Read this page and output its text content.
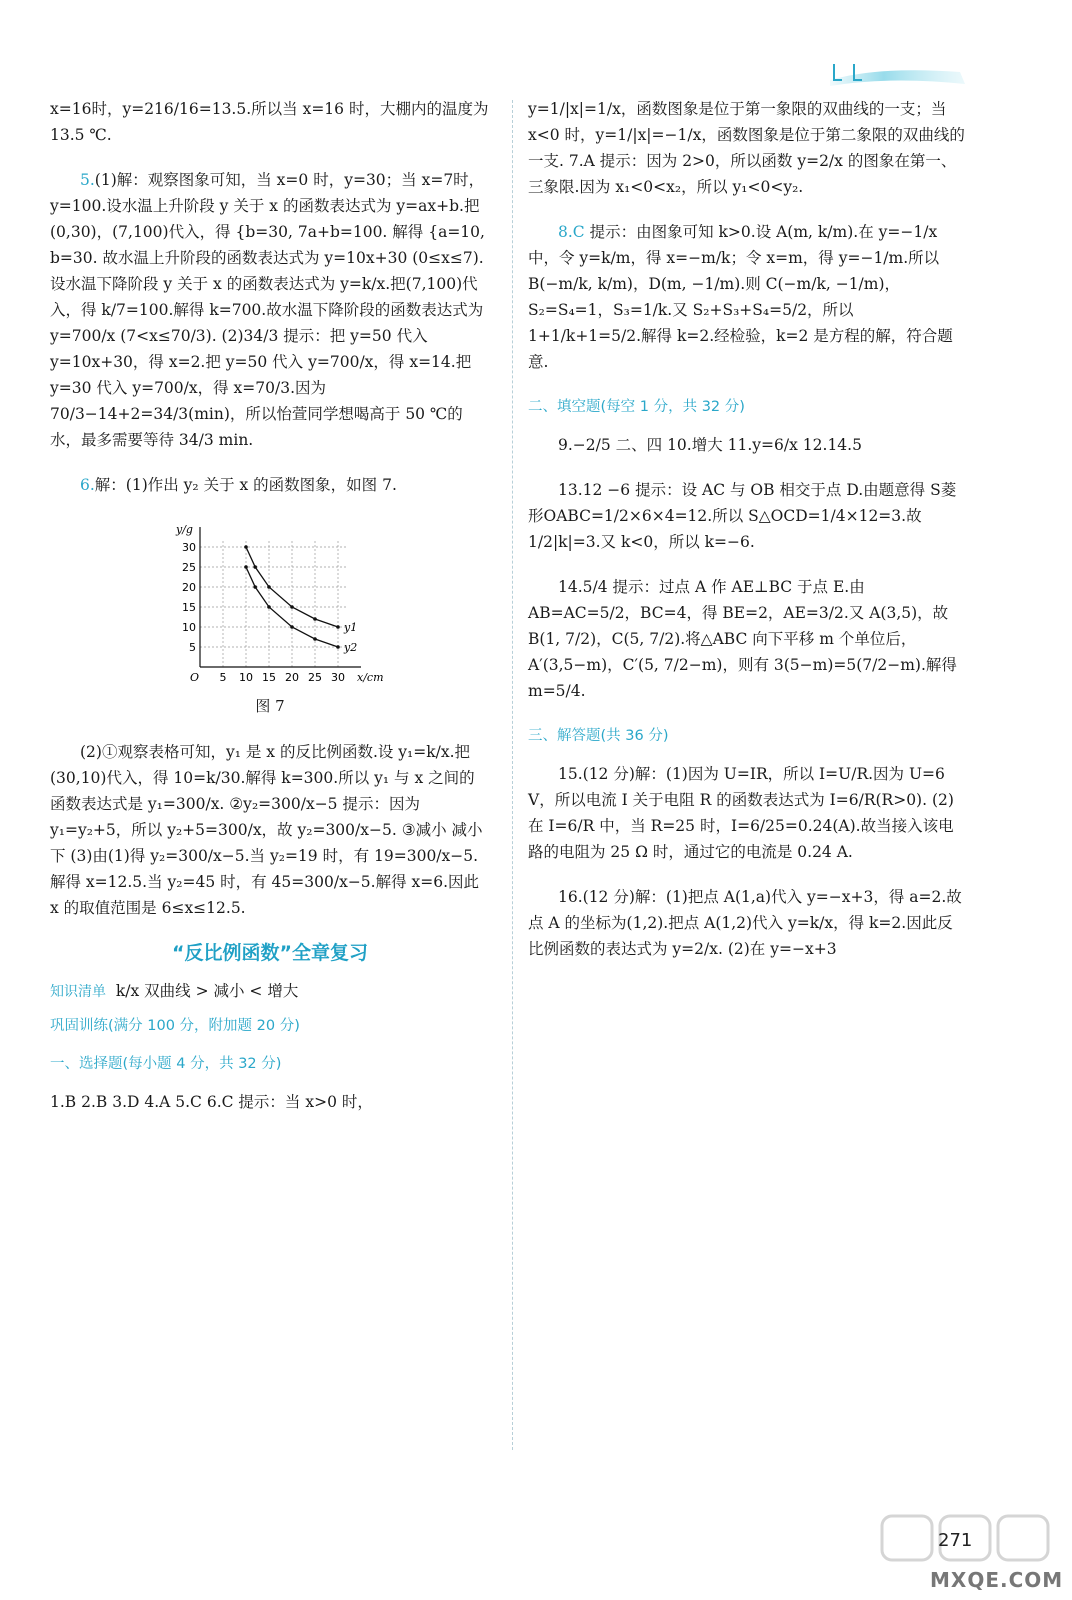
x=16时，y=216/16=13.5.所以当 x=16 时，大棚内的温度为13.5 ℃.

5.(1)解：观察图象可知，当 x=0 时，y=30；当 x=7时，y=100.设水温上升阶段 y 关于 x 的函数表达式为 y=ax+b.把(0,30)，(7,100)代入，得 {b=30, 7a+b=100. 解得 {a=10, b=30. 故水温上升阶段的函数表达式为 y=10x+30 (0≤x≤7).设水温下降阶段 y 关于 x 的函数表达式为 y=k/x.把(7,100)代入，得 k/7=100.解得 k=700.故水温下降阶段的函数表达式为 y=700/x (7<x≤70/3). (2)34/3 提示：把 y=50 代入 y=10x+30，得 x=2.把 y=50 代入 y=700/x，得 x=14.把 y=30 代入 y=700/x，得 x=70/3.因为 70/3−14+2=34/3(min)，所以怡萱同学想喝高于 50 ℃的水，最多需要等待 34/3 min.

6.解：(1)作出 y₂ 关于 x 的函数图象，如图 7.

5 10 15 20 25 30
5
10
15
20
25
30
O	x/cm
y/g
y1
y2

图 7

(2)①观察表格可知，y₁ 是 x 的反比例函数.设 y₁=k/x.把(30,10)代入，得 10=k/30.解得 k=300.所以 y₁ 与 x 之间的函数表达式是 y₁=300/x. ②y₂=300/x−5 提示：因为 y₁=y₂+5，所以 y₂+5=300/x，故 y₂=300/x−5. ③减小 减小 下 (3)由(1)得 y₂=300/x−5.当 y₂=19 时，有 19=300/x−5.解得 x=12.5.当 y₂=45 时，有 45=300/x−5.解得 x=6.因此 x 的取值范围是 6≤x≤12.5.

“反比例函数”全章复习

知识清单 k/x 双曲线 > 减小 < 增大

巩固训练(满分 100 分，附加题 20 分)
一、选择题(每小题 4 分，共 32 分)

1.B 2.B 3.D 4.A 5.C 6.C 提示：当 x>0 时，

y=1/|x|=1/x，函数图象是位于第一象限的双曲线的一支；当 x<0 时，y=1/|x|=−1/x，函数图象是位于第二象限的双曲线的一支. 7.A 提示：因为 2>0，所以函数 y=2/x 的图象在第一、三象限.因为 x₁<0<x₂，所以 y₁<0<y₂.

8.C 提示：由图象可知 k>0.设 A(m, k/m).在 y=−1/x 中，令 y=k/m，得 x=−m/k；令 x=m，得 y=−1/m.所以 B(−m/k, k/m)，D(m, −1/m).则 C(−m/k, −1/m)，S₂=S₄=1，S₃=1/k.又 S₂+S₃+S₄=5/2，所以 1+1/k+1=5/2.解得 k=2.经检验，k=2 是方程的解，符合题意.

二、填空题(每空 1 分，共 32 分)

9.−2/5 二、四 10.增大 11.y=6/x 12.14.5

13.12 −6 提示：设 AC 与 OB 相交于点 D.由题意得 S菱形OABC=1/2×6×4=12.所以 S△OCD=1/4×12=3.故 1/2|k|=3.又 k<0，所以 k=−6.

14.5/4 提示：过点 A 作 AE⊥BC 于点 E.由 AB=AC=5/2，BC=4，得 BE=2，AE=3/2.又 A(3,5)，故 B(1, 7/2)，C(5, 7/2).将△ABC 向下平移 m 个单位后，A′(3,5−m)，C′(5, 7/2−m)，则有 3(5−m)=5(7/2−m).解得 m=5/4.

三、解答题(共 36 分)

15.(12 分)解：(1)因为 U=IR，所以 I=U/R.因为 U=6 V，所以电流 I 关于电阻 R 的函数表达式为 I=6/R(R>0). (2)在 I=6/R 中，当 R=25 时，I=6/25=0.24(A).故当接入该电路的电阻为 25 Ω 时，通过它的电流是 0.24 A.

16.(12 分)解：(1)把点 A(1,a)代入 y=−x+3，得 a=2.故点 A 的坐标为(1,2).把点 A(1,2)代入 y=k/x，得 k=2.因此反比例函数的表达式为 y=2/x. (2)在 y=−x+3

271
MXQE.COM
